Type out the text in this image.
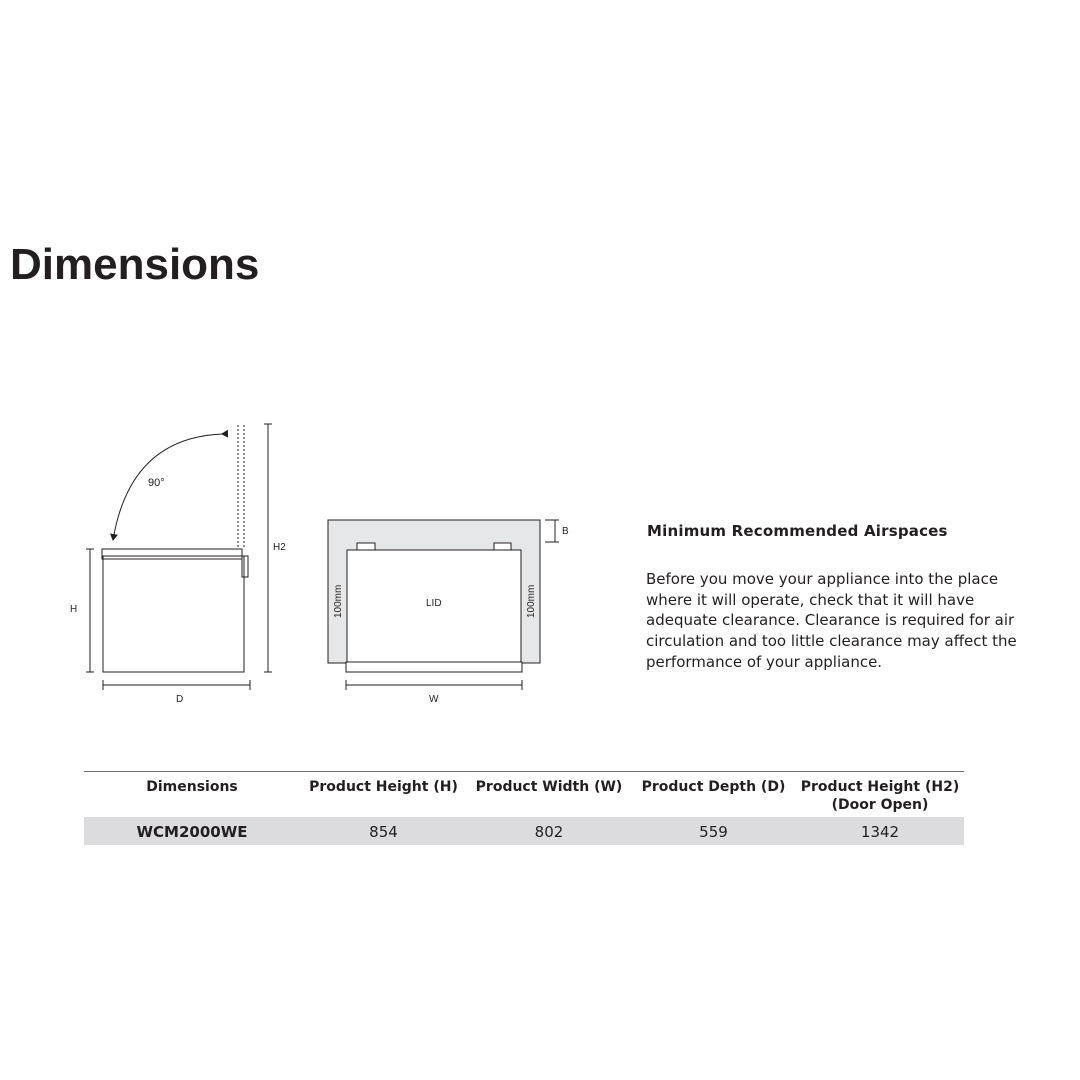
Dimensions
90°
H2
H
D
B
LID
W
100mm	100mm
Minimum Recommended Airspaces

Before you move your appliance into the place
where it will operate, check that it will have
adequate clearance. Clearance is required for air
circulation and too little clearance may affect the
performance of your appliance.

Dimensions	Product Height (H)	Product Width (W)	Product Depth (D)	Product Height (H2)
(Door Open)
WCM2000WE	854	802	559	1342
